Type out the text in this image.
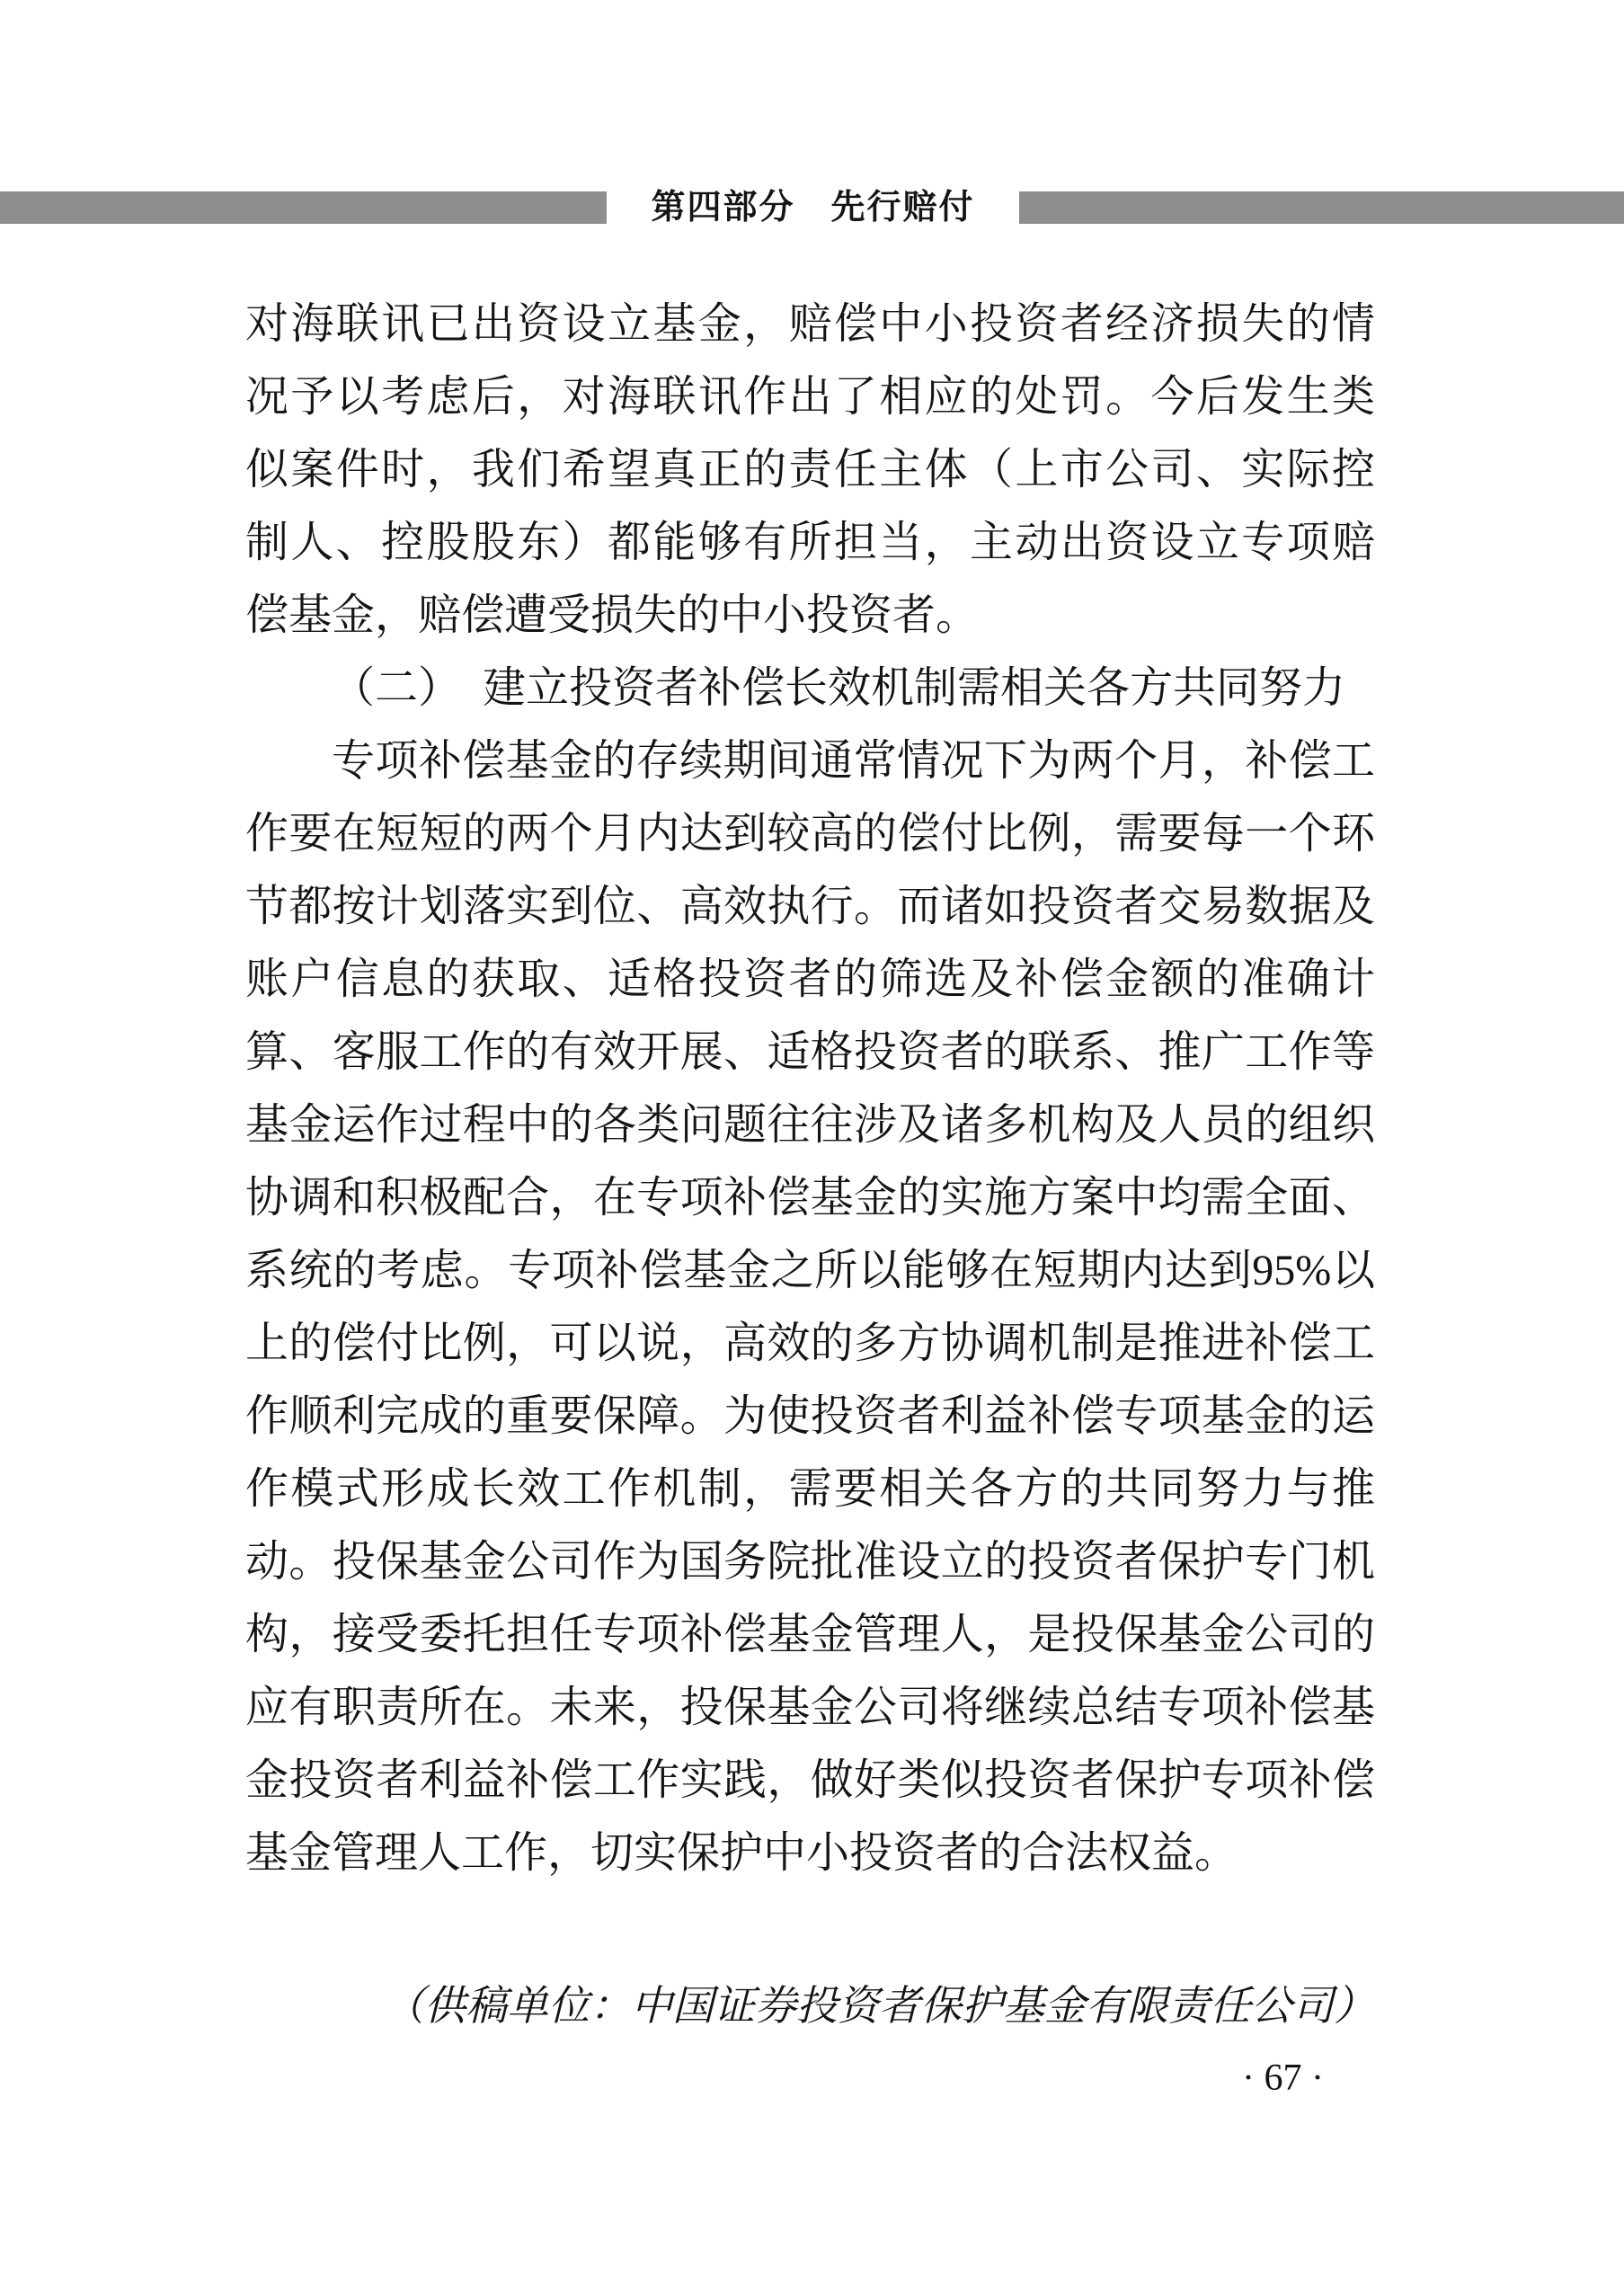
第四部分　先行赔付
对海联讯已出资设立基金，赔偿中小投资者经济损失的情
况予以考虑后，对海联讯作出了相应的处罚。今后发生类
似案件时，我们希望真正的责任主体（上市公司、实际控
制人、控股股东）都能够有所担当，主动出资设立专项赔
偿基金，赔偿遭受损失的中小投资者。
（二）　建立投资者补偿长效机制需相关各方共同努力
专项补偿基金的存续期间通常情况下为两个月，补偿工
作要在短短的两个月内达到较高的偿付比例，需要每一个环
节都按计划落实到位、高效执行。而诸如投资者交易数据及
账户信息的获取、适格投资者的筛选及补偿金额的准确计
算、客服工作的有效开展、适格投资者的联系、推广工作等
基金运作过程中的各类问题往往涉及诸多机构及人员的组织
协调和积极配合，在专项补偿基金的实施方案中均需全面、
系统的考虑。专项补偿基金之所以能够在短期内达到95%以
上的偿付比例，可以说，高效的多方协调机制是推进补偿工
作顺利完成的重要保障。为使投资者利益补偿专项基金的运
作模式形成长效工作机制，需要相关各方的共同努力与推
动。投保基金公司作为国务院批准设立的投资者保护专门机
构，接受委托担任专项补偿基金管理人，是投保基金公司的
应有职责所在。未来，投保基金公司将继续总结专项补偿基
金投资者利益补偿工作实践，做好类似投资者保护专项补偿
基金管理人工作，切实保护中小投资者的合法权益。
（供稿单位：中国证券投资者保护基金有限责任公司）
· 67 ·
